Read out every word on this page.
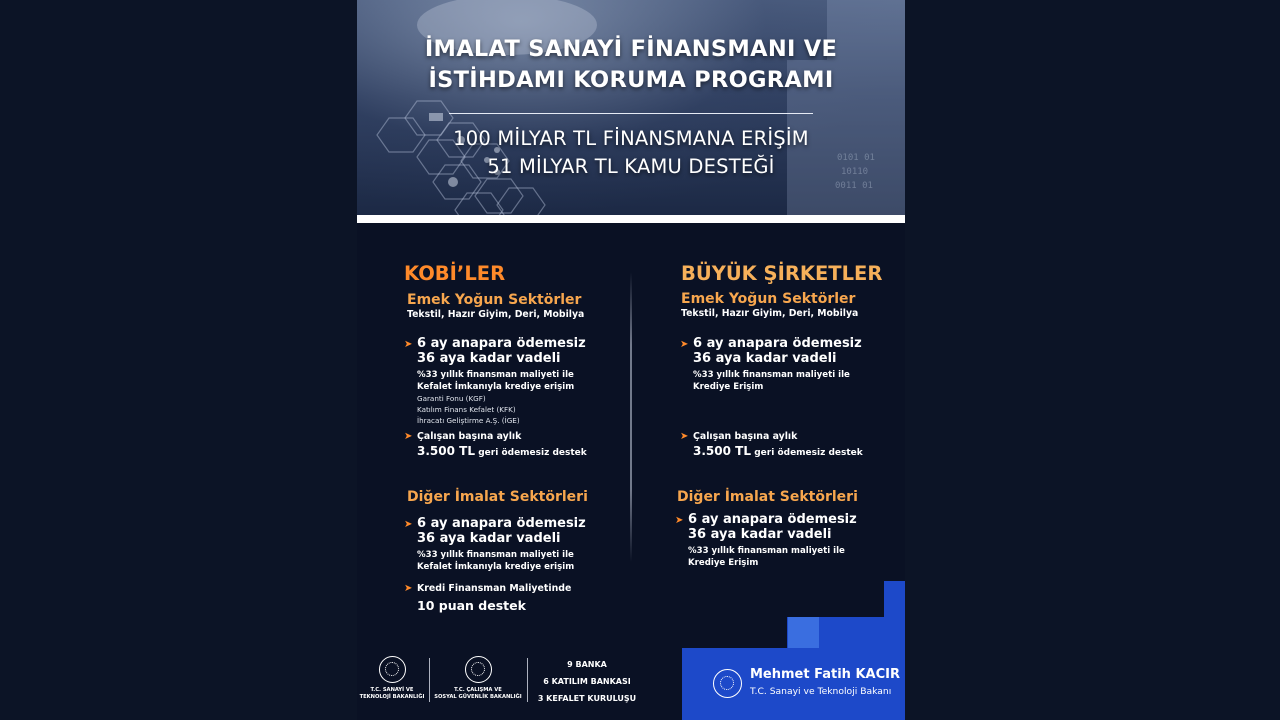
0101 01
10110
0011 01
İMALAT SANAYİ FİNANSMANI VE
İSTİHDAMI KORUMA PROGRAMI
100 MİLYAR TL FİNANSMANA ERİŞİM
51 MİLYAR TL KAMU DESTEĞİ
KOBİ’LER
Emek Yoğun Sektörler
Tekstil, Hazır Giyim, Deri, Mobilya
➤ 6 ay anapara ödemesiz
36 aya kadar vadeli
%33 yıllık finansman maliyeti ile
Kefalet İmkanıyla krediye erişim
Garanti Fonu (KGF)
Katılım Finans Kefalet (KFK)
İhracatı Geliştirme A.Ş. (İGE)
➤ Çalışan başına aylık
3.500 TL geri ödemesiz destek
Diğer İmalat Sektörleri
➤ 6 ay anapara ödemesiz
36 aya kadar vadeli
%33 yıllık finansman maliyeti ile
Kefalet İmkanıyla krediye erişim
➤ Kredi Finansman Maliyetinde
10 puan destek
BÜYÜK ŞİRKETLER
Emek Yoğun Sektörler
Tekstil, Hazır Giyim, Deri, Mobilya
➤ 6 ay anapara ödemesiz
36 aya kadar vadeli
%33 yıllık finansman maliyeti ile
Krediye Erişim
➤ Çalışan başına aylık
3.500 TL geri ödemesiz destek
Diğer İmalat Sektörleri
➤ 6 ay anapara ödemesiz
36 aya kadar vadeli
%33 yıllık finansman maliyeti ile
Krediye Erişim
T.C. SANAYİ VE
TEKNOLOJİ BAKANLIĞI
T.C. ÇALIŞMA VE
SOSYAL GÜVENLİK BAKANLIĞI
9 BANKA
6 KATILIM BANKASI
3 KEFALET KURULUŞU
Mehmet Fatih KACIR
T.C. Sanayi ve Teknoloji Bakanı
